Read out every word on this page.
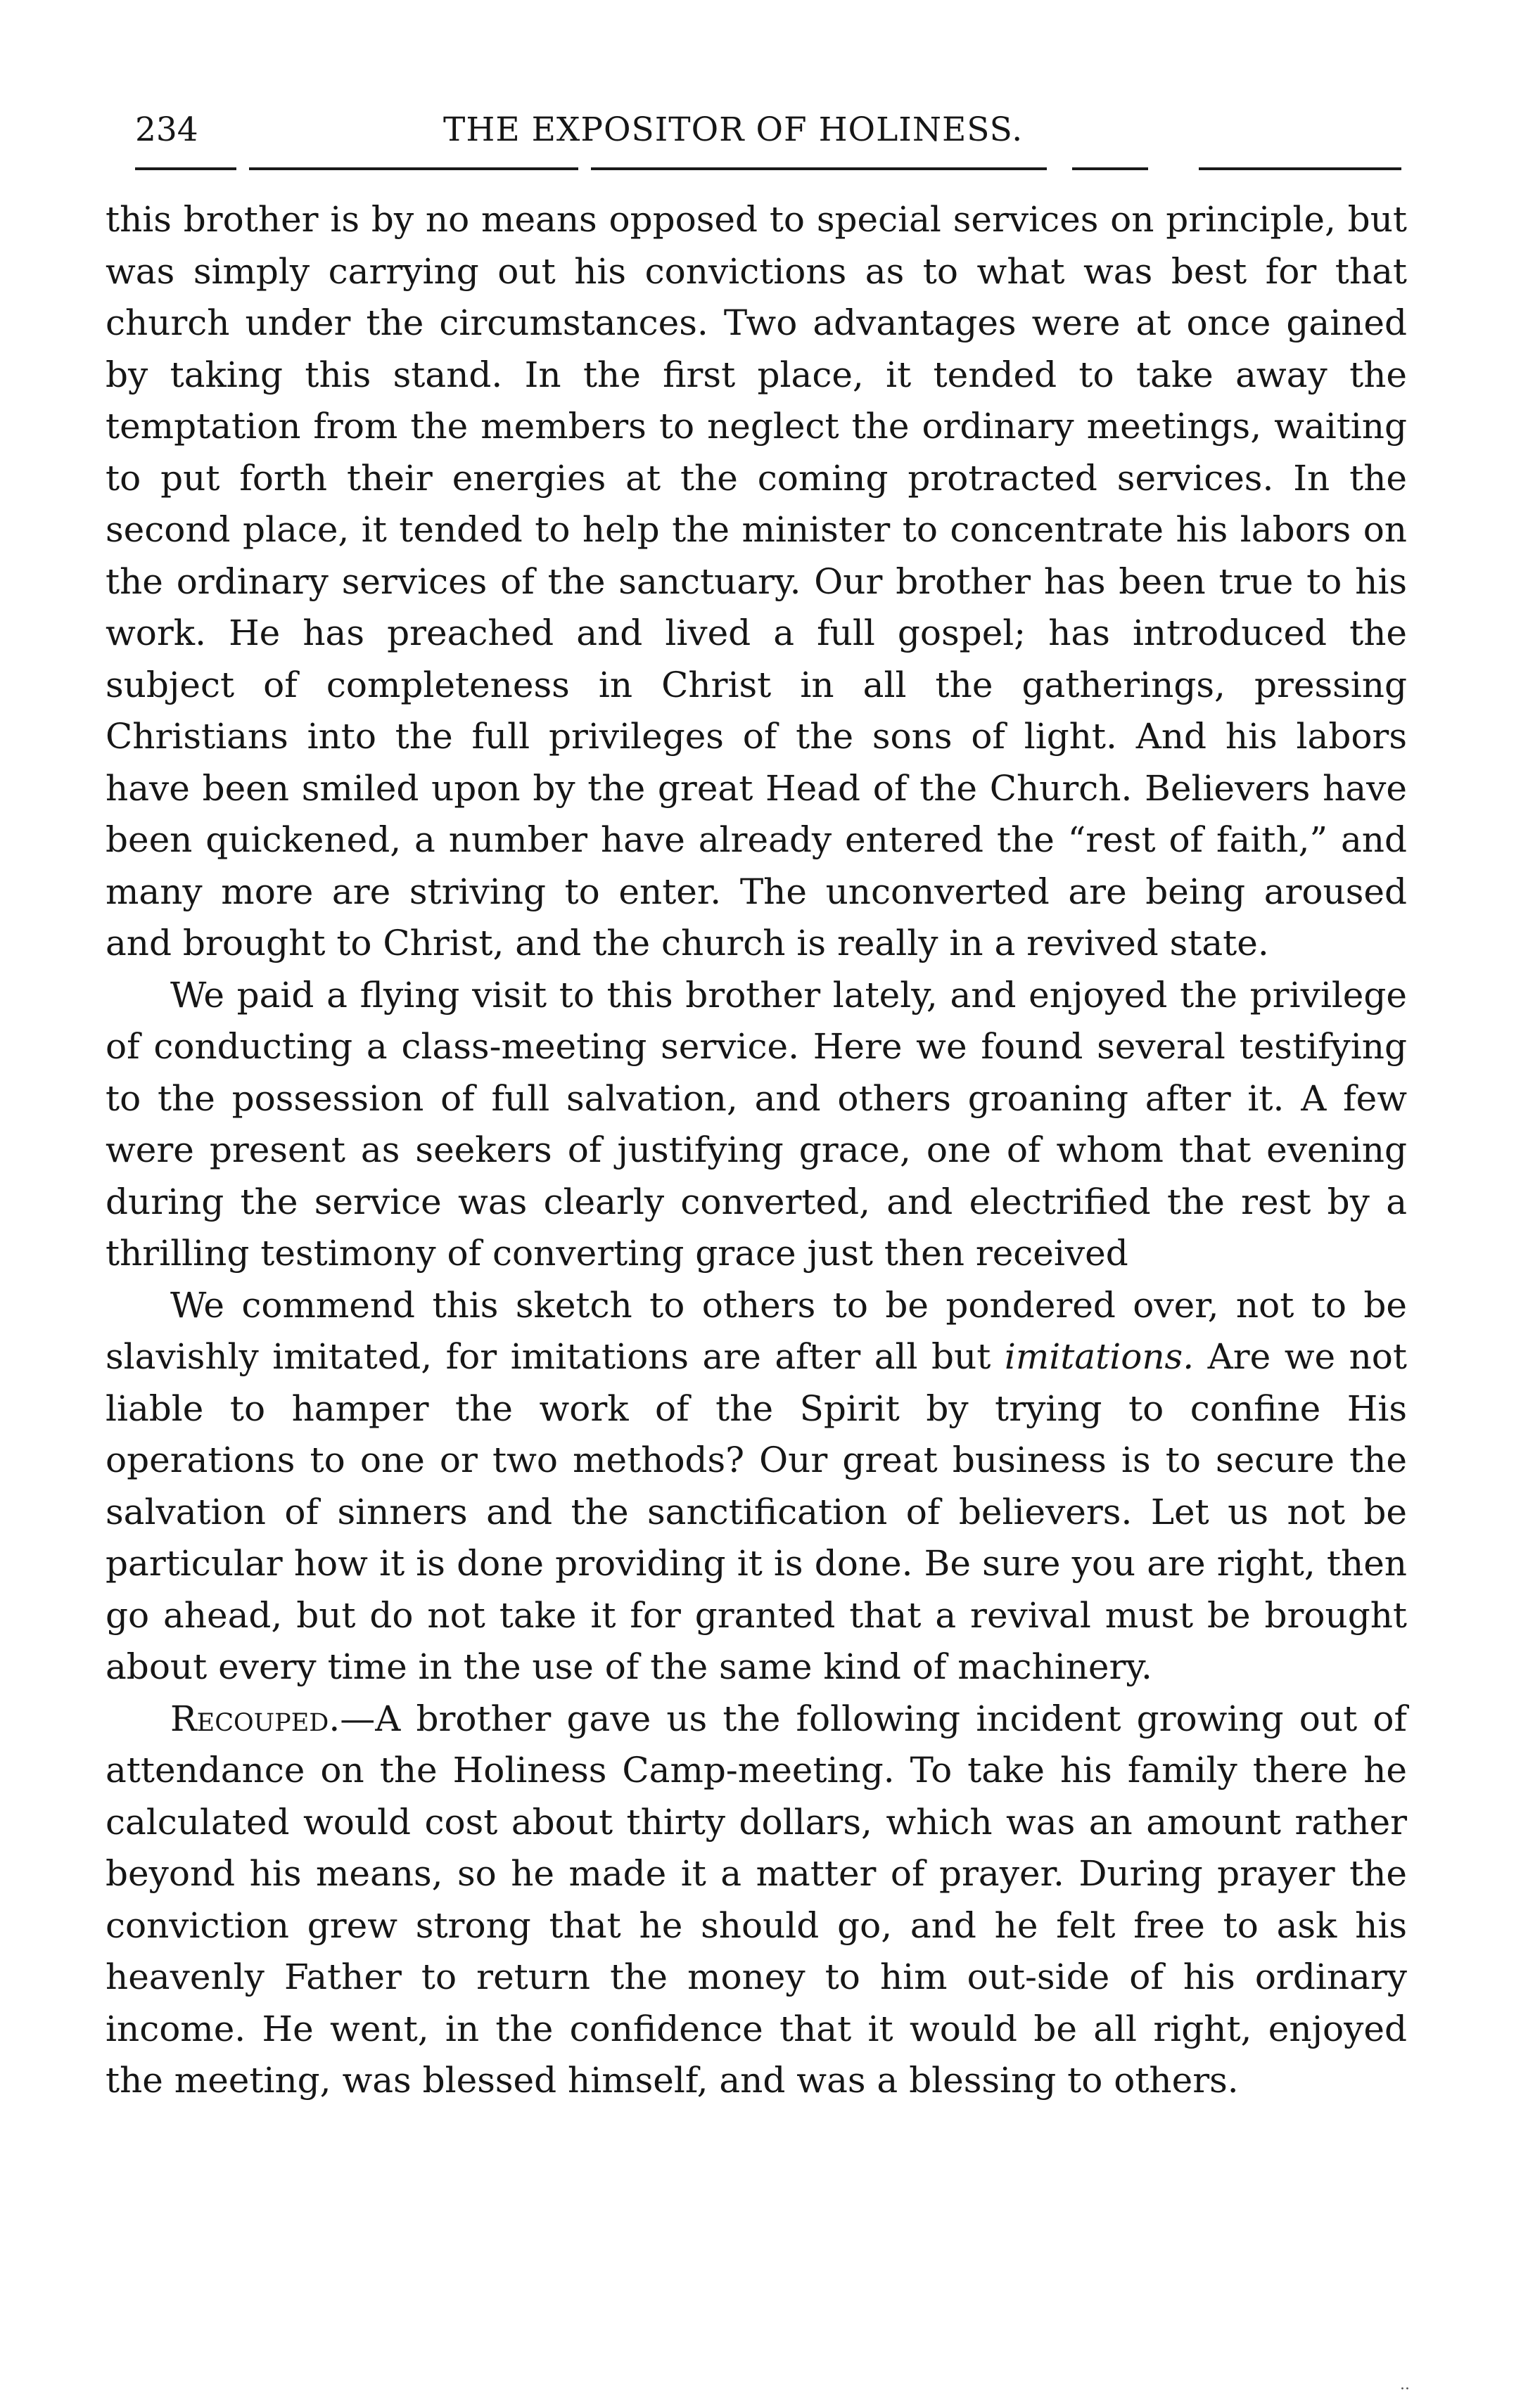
234	THE EXPOSITOR OF HOLINESS.

this brother is by no means opposed to special services on principle, but was simply carrying out his convictions as to what was best for that church under the circumstances. Two advantages were at once gained by taking this stand. In the first place, it tended to take away the temptation from the members to neglect the ordinary meetings, waiting to put forth their energies at the coming protracted services. In the second place, it tended to help the minister to concentrate his labors on the ordinary services of the sanctuary. Our brother has been true to his work. He has preached and lived a full gospel; has introduced the subject of completeness in Christ in all the gatherings, pressing Christians into the full privileges of the sons of light. And his labors have been smiled upon by the great Head of the Church. Believers have been quickened, a number have already entered the “rest of faith,” and many more are striving to enter. The unconverted are being aroused and brought to Christ, and the church is really in a revived state.

We paid a flying visit to this brother lately, and enjoyed the privilege of conducting a class-meeting service. Here we found several testifying to the possession of full salvation, and others groaning after it. A few were present as seekers of justifying grace, one of whom that evening during the service was clearly converted, and electrified the rest by a thrilling testimony of converting grace just then received

We commend this sketch to others to be pondered over, not to be slavishly imitated, for imitations are after all but imitations. Are we not liable to hamper the work of the Spirit by trying to confine His operations to one or two methods? Our great business is to secure the salvation of sinners and the sanctification of believers. Let us not be particular how it is done providing it is done. Be sure you are right, then go ahead, but do not take it for granted that a revival must be brought about every time in the use of the same kind of machinery.

Recouped.—A brother gave us the following incident growing out of attendance on the Holiness Camp-meeting. To take his family there he calculated would cost about thirty dollars, which was an amount rather beyond his means, so he made it a matter of prayer. During prayer the conviction grew strong that he should go, and he felt free to ask his heavenly Father to return the money to him out-side of his ordinary income. He went, in the confidence that it would be all right, enjoyed the meeting, was blessed himself, and was a blessing to others.

··
